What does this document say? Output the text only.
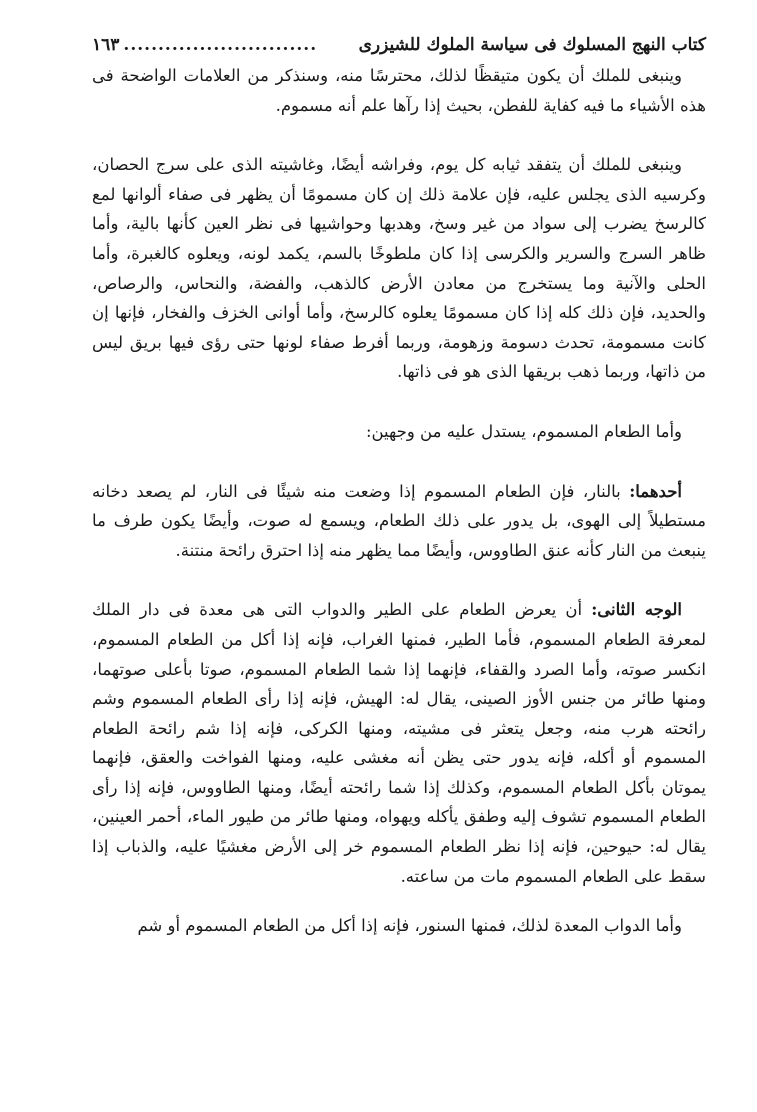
كتاب النهج المسلوك فى سياسة الملوك للشيزرى
............................
١٦٣

وينبغى للملك أن يكون متيقظًا لذلك، محترسًا منه، وسنذكر من العلامات الواضحة فى هذه الأشياء ما فيه كفاية للفطن، بحيث إذا رآها علم أنه مسموم.

وينبغى للملك أن يتفقد ثيابه كل يوم، وفراشه أيضًا، وغاشيته الذى على سرج الحصان، وكرسيه الذى يجلس عليه، فإن علامة ذلك إن كان مسمومًا أن يظهر فى صفاء ألوانها لمع كالرسخ يضرب إلى سواد من غير وسخ، وهدبها وحواشيها فى نظر العين كأنها بالية، وأما ظاهر السرج والسرير والكرسى إذا كان ملطوخًا بالسم، يكمد لونه، ويعلوه كالغبرة، وأما الحلى والآنية وما يستخرج من معادن الأرض كالذهب، والفضة، والنحاس، والرصاص، والحديد، فإن ذلك كله إذا كان مسمومًا يعلوه كالرسخ، وأما أوانى الخزف والفخار، فإنها إن كانت مسمومة، تحدث دسومة وزهومة، وربما أفرط صفاء لونها حتى رؤى فيها بريق ليس من ذاتها، وربما ذهب بريقها الذى هو فى ذاتها.

وأما الطعام المسموم، يستدل عليه من وجهين:

أحدهما: بالنار، فإن الطعام المسموم إذا وضعت منه شيئًا فى النار، لم يصعد دخانه مستطيلاً إلى الهوى، بل يدور على ذلك الطعام، ويسمع له صوت، وأيضًا يكون طرف ما ينبعث من النار كأنه عنق الطاووس، وأيضًا مما يظهر منه إذا احترق رائحة منتنة.

الوجه الثانى: أن يعرض الطعام على الطير والدواب التى هى معدة فى دار الملك لمعرفة الطعام المسموم، فأما الطير، فمنها الغراب، فإنه إذا أكل من الطعام المسموم، انكسر صوته، وأما الصرد والقفاء، فإنهما إذا شما الطعام المسموم، صوتا بأعلى صوتهما، ومنها طائر من جنس الأوز الصينى، يقال له: الهيش، فإنه إذا رأى الطعام المسموم وشم رائحته هرب منه، وجعل يتعثر فى مشيته، ومنها الكركى، فإنه إذا شم رائحة الطعام المسموم أو أكله، فإنه يدور حتى يظن أنه مغشى عليه، ومنها الفواخت والعقق، فإنهما يموتان بأكل الطعام المسموم، وكذلك إذا شما رائحته أيضًا، ومنها الطاووس، فإنه إذا رأى الطعام المسموم تشوف إليه وطفق يأكله ويهواه، ومنها طائر من طيور الماء، أحمر العينين، يقال له: حيوحين، فإنه إذا نظر الطعام المسموم خر إلى الأرض مغشيًا عليه، والذباب إذا سقط على الطعام المسموم مات من ساعته.

وأما الدواب المعدة لذلك، فمنها السنور، فإنه إذا أكل من الطعام المسموم أو شم
